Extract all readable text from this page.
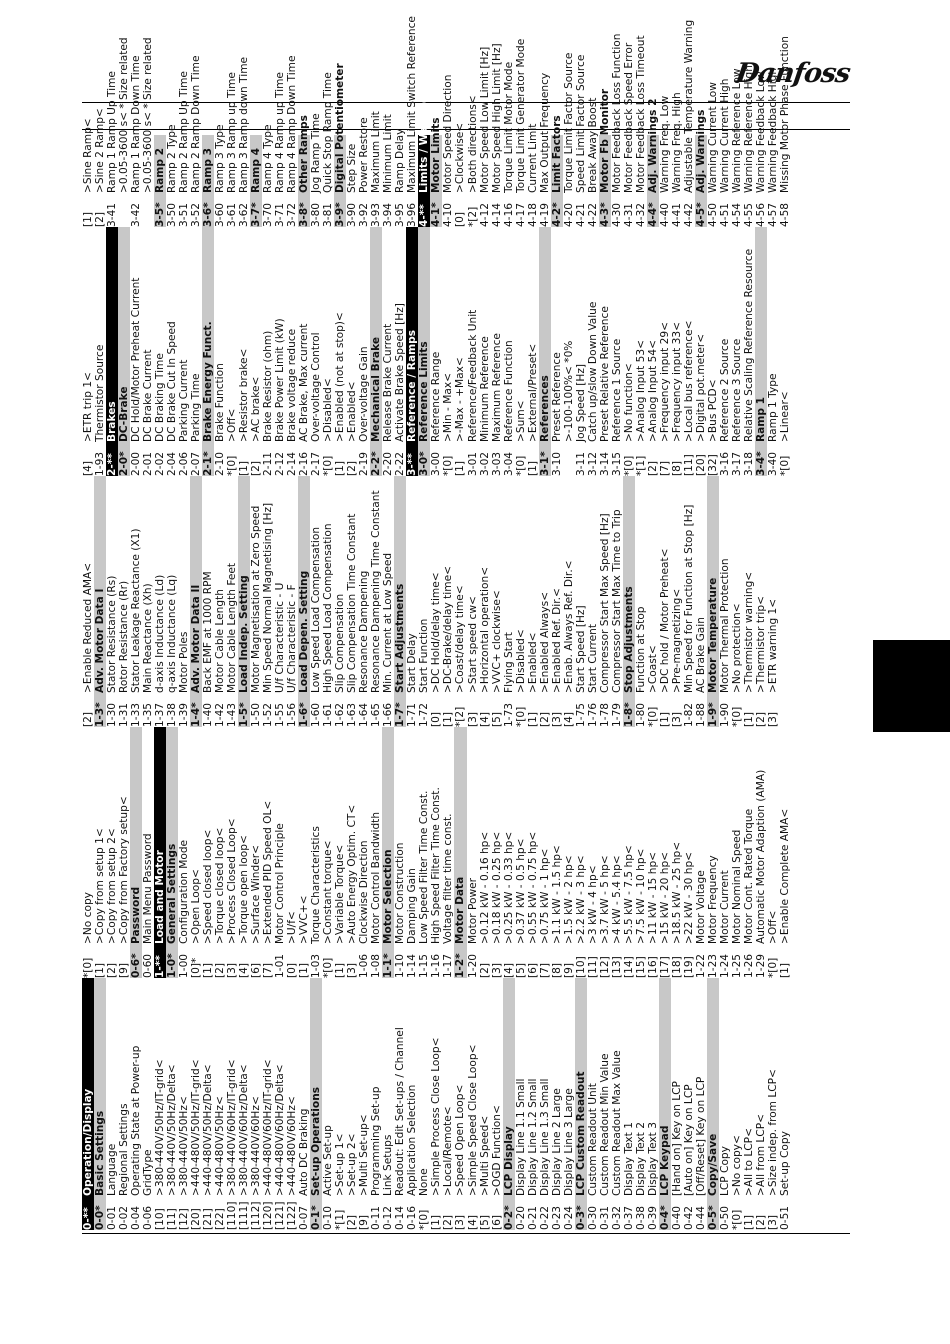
Danfoss
0-**
Operation/Display
0-0*
Basic Settings
0-01
Language
0-02
Regional Settings
0-04
Operating State at Power-up
0-06
GridType
[10]
>380-440V/50Hz/IT-grid<
[11]
>380-440V/50Hz/Delta<
[12]
>380-440V/50Hz<
[20]
>440-480V/50Hz/IT-grid<
[21]
>440-480V/50Hz/Delta<
[22]
>440-480V/50Hz<
[110]
>380-440V/60Hz/IT-grid<
[111]
>380-440V/60Hz/Delta<
[112]
>380-440V/60Hz<
[120]
>440-480V/60Hz/IT-grid<
[121]
>440-480V/60Hz/Delta<
[122]
>440-480V/60Hz<
0-07
Auto DC Braking
0-1*
Set-up Operations
0-10
Active Set-up
*[1]
>Set-up 1<
[2]
>Set-up 2<
[9]
>Multi Set-up<
0-11
Programming Set-up
0-12
Link Setups
0-14
Readout: Edit Set-ups / Channel
0-16
Application Selection
*[0]
None
[1]
>Simple Process Close Loop<
[2]
>Local/Remote<
[3]
>Speed Open Loop<
[4]
>Simple Speed Close Loop<
[5]
>Multi Speed<
[6]
>OGD Function<
0-2*
LCP Display
0-20
Display Line 1.1 Small
0-21
Display Line 1.2 Small
0-22
Display Line 1.3 Small
0-23
Display Line 2 Large
0-24
Display Line 3 Large
0-3*
LCP Custom Readout
0-30
Custom Readout Unit
0-31
Custom Readout Min Value
0-32
Custom Readout Max Value
0-37
Display Text 1
0-38
Display Text 2
0-39
Display Text 3
0-4*
LCP Keypad
0-40
[Hand on] Key on LCP
0-42
[Auto on] Key on LCP
0-44
[Off/Reset] Key on LCP
0-5*
Copy/Save
0-50
LCP Copy
*[0]
>No copy<
[1]
>All to LCP<
[2]
>All from LCP<
[3]
>Size indep. from LCP<
0-51
Set-up Copy
*[0]
>No copy
[1]
>Copy from setup 1<
[2]
>Copy from setup 2<
[9]
>Copy from Factory setup<
0-6*
Password
0-60
Main Menu Password
1-**
Load and Motor
1-0*
General Settings
1-00
Configuration Mode
[0]*
>Open Loop<
[1]
>Speed closed loop<
[2]
>Torque closed loop<
[3]
>Process Closed Loop<
[4]
>Torque open loop<
[6]
>Surface Winder<
[7]
>Extended PID Speed OL<
1-01
Motor Control Principle
[0]
>U/f<
[1]
>VVC+<
1-03
Torque Characteristics
*[0]
>Constant torque<
[1]
>Variable Torque<
[3]
>Auto Energy Optim. CT<
1-06
Clockwise Direction
1-08
Motor Control Bandwidth
1-1*
Motor Selection
1-10
Motor Construction
1-14
Damping Gain
1-15
Low Speed Filter Time Const.
1-16
High Speed Filter Time Const.
1-17
Voltage filter time const.
1-2*
Motor Data
1-20
Motor Power
[2]
>0.12 kW - 0.16 hp<
[3]
>0.18 kW - 0.25 hp<
[4]
>0.25 kW - 0.33 hp<
[5]
>0.37 kW - 0.5 hp<
[6]
>0.55 kW - 0.75 hp<
[7]
>0.75 kW - 1 hp<
[8]
>1.1 kW - 1.5 hp<
[9]
>1.5 kW - 2 hp<
[10]
>2.2 kW - 3 hp<
[11]
>3 kW - 4 hp<
[12]
>3.7 kW - 5 hp<
[13]
>4 kW - 5.4 hp<
[14]
>5.5 kW - 7.5 hp<
[15]
>7.5 kW - 10 hp<
[16]
>11 kW - 15 hp<
[17]
>15 kW - 20 hp<
[18]
>18.5 kW - 25 hp<
[19]
>22 kW - 30 hp<
1-22
Motor Voltage
1-23
Motor Frequency
1-24
Motor Current
1-25
Motor Nominal Speed
1-26
Motor Cont. Rated Torque
1-29
Automatic Motor Adaption (AMA)
*[0]
>Off<
[1]
>Enable Complete AMA<
[2]
>Enable Reduced AMA<
1-3*
Adv. Motor Data I
1-30
Stator Resistance (Rs)
1-31
Rotor Resistance (Rr)
1-33
Stator Leakage Reactance (X1)
1-35
Main Reactance (Xh)
1-37
d-axis Inductance (Ld)
1-38
q-axis Inductance (Lq)
1-39
Motor Poles
1-4*
Adv. Motor Data II
1-40
Back EMF at 1000 RPM
1-42
Motor Cable Length
1-43
Motor Cable Length Feet
1-5*
Load Indep. Setting
1-50
Motor Magnetisation at Zero Speed
1-52
Min Speed Normal Magnetising [Hz]
1-55
U/f Characteristic - U
1-56
U/f Characteristic - F
1-6*
Load Depen. Setting
1-60
Low Speed Load Compensation
1-61
High Speed Load Compensation
1-62
Slip Compensation
1-63
Slip Compensation Time Constant
1-64
Resonance Dampening
1-65
Resonance Dampening Time Constant
1-66
Min. Current at Low Speed
1-7*
Start Adjustments
1-71
Start Delay
1-72
Start Function
[0]
>DC Hold/delay time<
[1]
>DC-Brake/delay time<
*[2]
>Coast/delay time<
[3]
>Start speed cw<
[4]
>Horizontal operation<
[5]
>VVC+ clockwise<
1-73
Flying Start
*[0]
>Disabled<
[1]
>Enabled<
[2]
>Enabled Always<
[3]
>Enabled Ref. Dir.<
[4]
>Enab. Always Ref. Dir.<
1-75
Start Speed [Hz]
1-76
Start Current
1-78
Compressor Start Max Speed [Hz]
1-79
Compressor Start Max Time to Trip
1-8*
Stop Adjustments
1-80
Function at Stop
*[0]
>Coast<
[1]
>DC hold / Motor Preheat<
[3]
>Pre-magnetizing<
1-82
Min Speed for Function at Stop [Hz]
1-88
AC Brake Gain
1-9*
Motor Temperature
1-90
Motor Thermal Protection
*[0]
>No protection<
[1]
>Thermistor warning<
[2]
>Thermistor trip<
[3]
>ETR warning 1<
[4]
>ETR trip 1<
1-93
Thermistor Source
2-**
Brakes
2-0*
DC-Brake
2-00
DC Hold/Motor Preheat Current
2-01
DC Brake Current
2-02
DC Braking Time
2-04
DC Brake Cut In Speed
2-06
Parking Current
2-07
Parking Time
2-1*
Brake Energy Funct.
2-10
Brake Function
*[0]
>Off<
[1]
>Resistor brake<
[2]
>AC brake<
2-11
Brake Resistor (ohm)
2-12
Brake Power Limit (kW)
2-14
Brake voltage reduce
2-16
AC Brake, Max current
2-17
Over-voltage Control
*[0]
>Disabled<
[1]
>Enabled (not at stop)<
[2]
>Enabled<
2-19
Over-voltage Gain
2-2*
Mechanical Brake
2-20
Release Brake Current
2-22
Activate Brake Speed [Hz]
3-**
Reference / Ramps
3-0*
Reference Limits
3-00
Reference Range
*[0]
>Min - Max<
[1]
>-Max - +Max<
3-01
Reference/Feedback Unit
3-02
Minimum Reference
3-03
Maximum Reference
3-04
Reference Function
*[0]
>Sum<
[1]
>External/Preset<
3-1*
References
3-10
Preset Reference >-100-100%< *0%
3-11
Jog Speed [Hz]
3-12
Catch up/slow Down Value
3-14
Preset Relative Reference
3-15
Reference 1 Source
*[0]
>No function<
*[1]
>Analog Input 53<
[2]
>Analog Input 54<
[7]
>Frequency input 29<
[8]
>Frequency input 33<
[11]
>Local bus reference<
[20]
>Digital pot.meter<
[32]
>Bus PCD<
3-16
Reference 2 Source
3-17
Reference 3 Source
3-18
Relative Scaling Reference Resource
3-4*
Ramp 1
3-40
Ramp 1 Type
*[0]
>Linear<
[1]
>Sine Ramp<
[2]
>Sine 2 Ramp<
3-41
Ramp 1 Ramp Up Time >0.05-3600 s< * Size related
3-42
Ramp 1 Ramp Down Time >0.05-3600 s< * Size related
3-5*
Ramp 2
3-50
Ramp 2 Type
3-51
Ramp 2 Ramp Up Time
3-52
Ramp 2 Ramp Down Time
3-6*
Ramp 3
3-60
Ramp 3 Type
3-61
Ramp 3 Ramp up Time
3-62
Ramp 3 Ramp down Time
3-7*
Ramp 4
3-70
Ramp 4 Type
3-71
Ramp 4 Ramp up Time
3-72
Ramp 4 Ramp Down Time
3-8*
Other Ramps
3-80
Jog Ramp Time
3-81
Quick Stop Ramp Time
3-9*
Digital Potentiometer
3-90
Step Size
3-92
Power Restore
3-93
Maximum Limit
3-94
Minimum Limit
3-95
Ramp Delay
3-96
Maximum Limit Switch Reference
4-**
Limits / Warnings
4-1*
Motor Limits
4-10
Motor Speed Direction
[0]
>Clockwise<
*[2]
>Both directions<
4-12
Motor Speed Low Limit [Hz]
4-14
Motor Speed High Limit [Hz]
4-16
Torque Limit Motor Mode
4-17
Torque Limit Generator Mode
4-18
Current Limit
4-19
Max Output Frequency
4-2*
Limit Factors
4-20
Torque Limit Factor Source
4-21
Speed Limit Factor Source
4-22
Break Away Boost
4-3*
Motor Fb Monitor
4-30
Motor Feedback Loss Function
4-31
Motor Feedback Speed Error
4-32
Motor Feedback Loss Timeout
4-4*
Adj. Warnings 2
4-40
Warning Freq. Low
4-41
Warning Freq. High
4-42
Adjustable Temperature Warning
4-5*
Adj. Warnings
4-50
Warning Current Low
4-51
Warning Current High
4-54
Warning Reference Low
4-55
Warning Reference High
4-56
Warning Feedback Low
4-57
Warning Feedback High
4-58
Missing Motor Phase Function
